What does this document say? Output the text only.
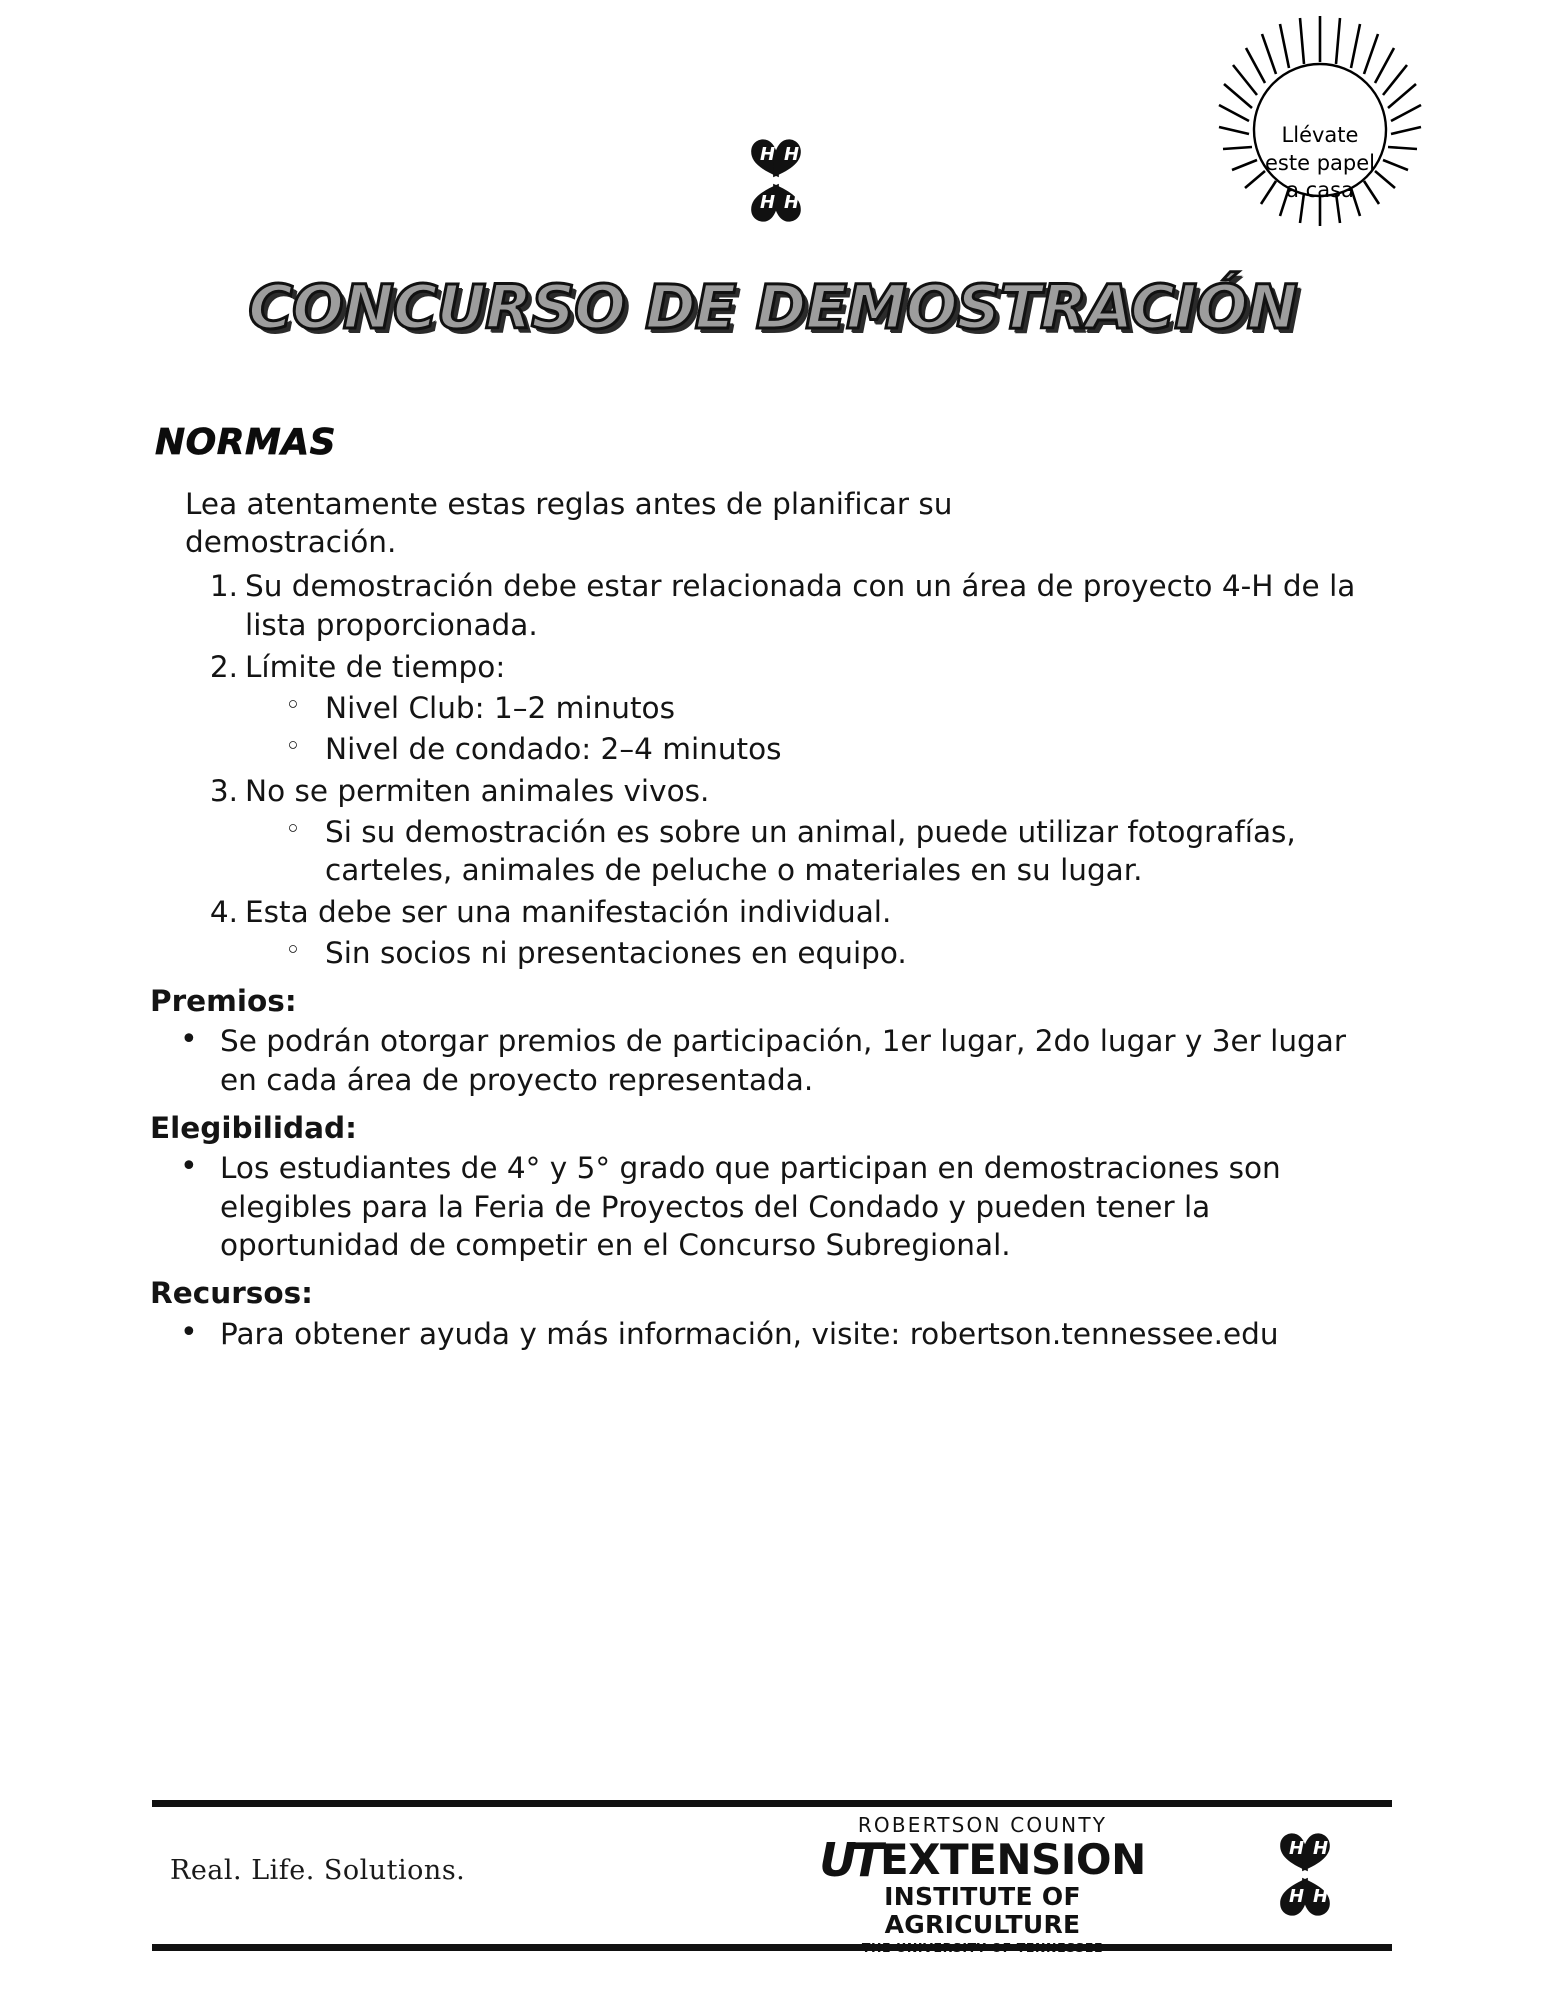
Llévate
este papel
a casa
H H
H H
CONCURSO DE DEMOSTRACIÓN
NORMAS

Lea atentamente estas reglas antes de planificar su demostración.

1. Su demostración debe estar relacionada con un área de proyecto 4-H de la lista proporcionada.
2. Límite de tiempo:
◦ Nivel Club: 1–2 minutos
◦ Nivel de condado: 2–4 minutos
3. No se permiten animales vivos.
◦ Si su demostración es sobre un animal, puede utilizar fotografías, carteles, animales de peluche o materiales en su lugar.
4. Esta debe ser una manifestación individual.
◦ Sin socios ni presentaciones en equipo.
Premios:
• Se podrán otorgar premios de participación, 1er lugar, 2do lugar y 3er lugar en cada área de proyecto representada.
Elegibilidad:
• Los estudiantes de 4° y 5° grado que participan en demostraciones son elegibles para la Feria de Proyectos del Condado y pueden tener la oportunidad de competir en el Concurso Subregional.
Recursos:
• Para obtener ayuda y más información, visite: robertson.tennessee.edu
Real. Life. Solutions.
ROBERTSON COUNTY
UT EXTENSION
INSTITUTE OF AGRICULTURE
THE UNIVERSITY OF TENNESSEE
H H
H H
